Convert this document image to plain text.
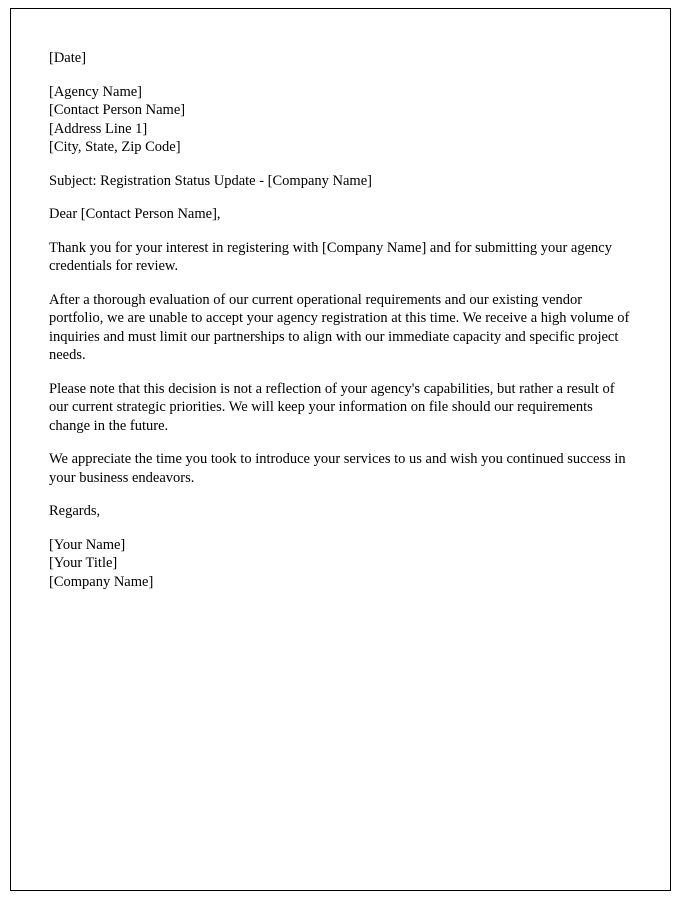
[Date]
[Agency Name]
[Contact Person Name]
[Address Line 1]
[City, State, Zip Code]
Subject: Registration Status Update - [Company Name]
Dear [Contact Person Name],

Thank you for your interest in registering with [Company Name] and for submitting your agency credentials for review.

After a thorough evaluation of our current operational requirements and our existing vendor portfolio, we are unable to accept your agency registration at this time. We receive a high volume of inquiries and must limit our partnerships to align with our immediate capacity and specific project needs.

Please note that this decision is not a reflection of your agency's capabilities, but rather a result of our current strategic priorities. We will keep your information on file should our requirements change in the future.

We appreciate the time you took to introduce your services to us and wish you continued success in your business endeavors.

Regards,
[Your Name]
[Your Title]
[Company Name]
